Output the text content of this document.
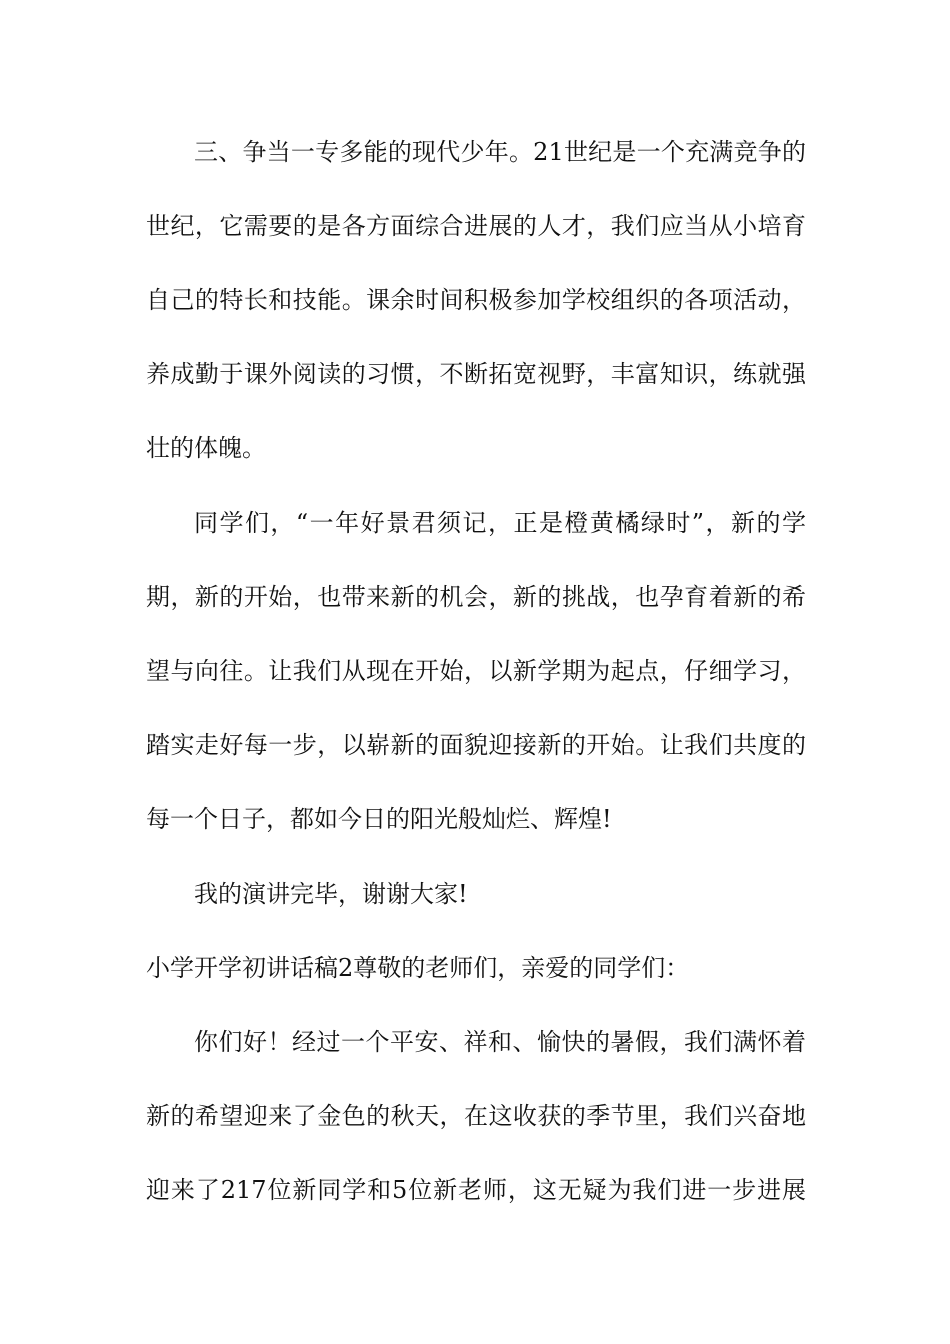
三、争当一专多能的现代少年。21世纪是一个充满竞争的
世纪，它需要的是各方面综合进展的人才，我们应当从小培育
自己的特长和技能。课余时间积极参加学校组织的各项活动，
养成勤于课外阅读的习惯，不断拓宽视野，丰富知识，练就强
壮的体魄。
同学们，“一年好景君须记，正是橙黄橘绿时”，新的学
期，新的开始，也带来新的机会，新的挑战，也孕育着新的希
望与向往。让我们从现在开始，以新学期为起点，仔细学习，
踏实走好每一步，以崭新的面貌迎接新的开始。让我们共度的
每一个日子，都如今日的阳光般灿烂、辉煌!
我的演讲完毕，谢谢大家!
小学开学初讲话稿2尊敬的老师们，亲爱的同学们：
你们好！经过一个平安、祥和、愉快的暑假，我们满怀着
新的希望迎来了金色的秋天，在这收获的季节里，我们兴奋地
迎来了217位新同学和5位新老师，这无疑为我们进一步进展
